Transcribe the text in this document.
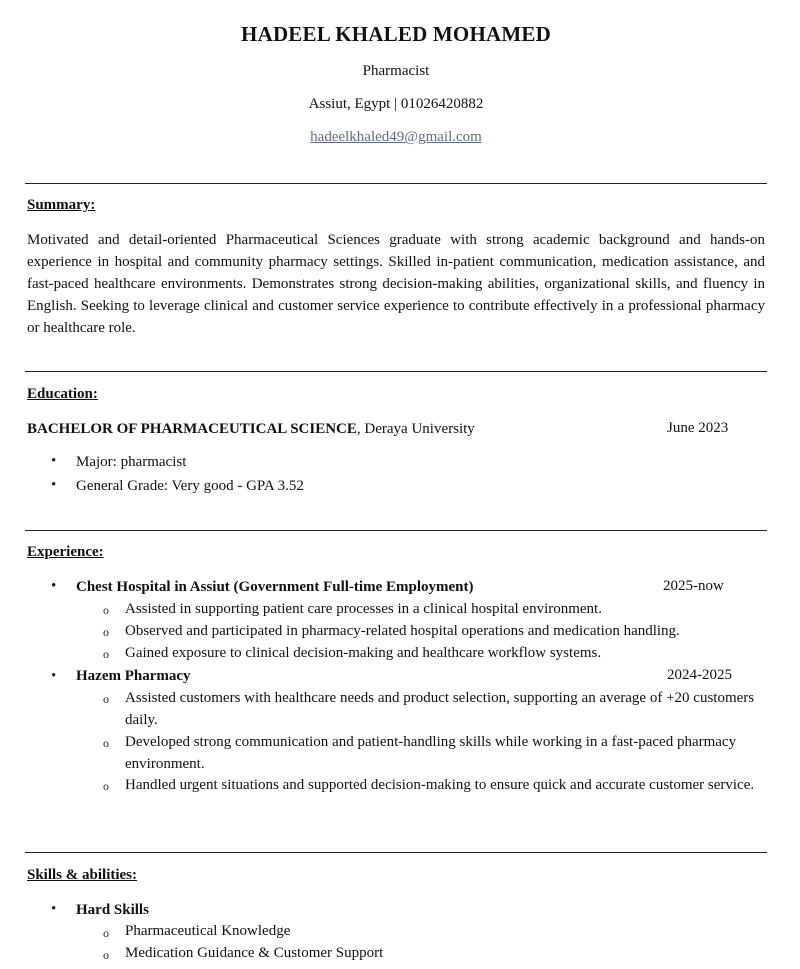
HADEEL KHALED MOHAMED
Pharmacist
Assiut, Egypt | 01026420882
hadeelkhaled49@gmail.com
Summary:
Motivated and detail-oriented Pharmaceutical Sciences graduate with strong academic background and hands-on experience in hospital and community pharmacy settings. Skilled in-patient communication, medication assistance, and fast-paced healthcare environments. Demonstrates strong decision-making abilities, organizational skills, and fluency in English. Seeking to leverage clinical and customer service experience to contribute effectively in a professional pharmacy or healthcare role.
Education:
BACHELOR OF PHARMACEUTICAL SCIENCE, Deraya University	June 2023
• Major: pharmacist
• General Grade: Very good - GPA 3.52
Experience:
• Chest Hospital in Assiut (Government Full-time Employment)	2025-now
o Assisted in supporting patient care processes in a clinical hospital environment.
o Observed and participated in pharmacy-related hospital operations and medication handling.
o Gained exposure to clinical decision-making and healthcare workflow systems.
• Hazem Pharmacy	2024-2025
o Assisted customers with healthcare needs and product selection, supporting an average of +20 customers daily.
o Developed strong communication and patient-handling skills while working in a fast-paced pharmacy environment.
o Handled urgent situations and supported decision-making to ensure quick and accurate customer service.
Skills & abilities:
• Hard Skills
o Pharmaceutical Knowledge
o Medication Guidance & Customer Support
